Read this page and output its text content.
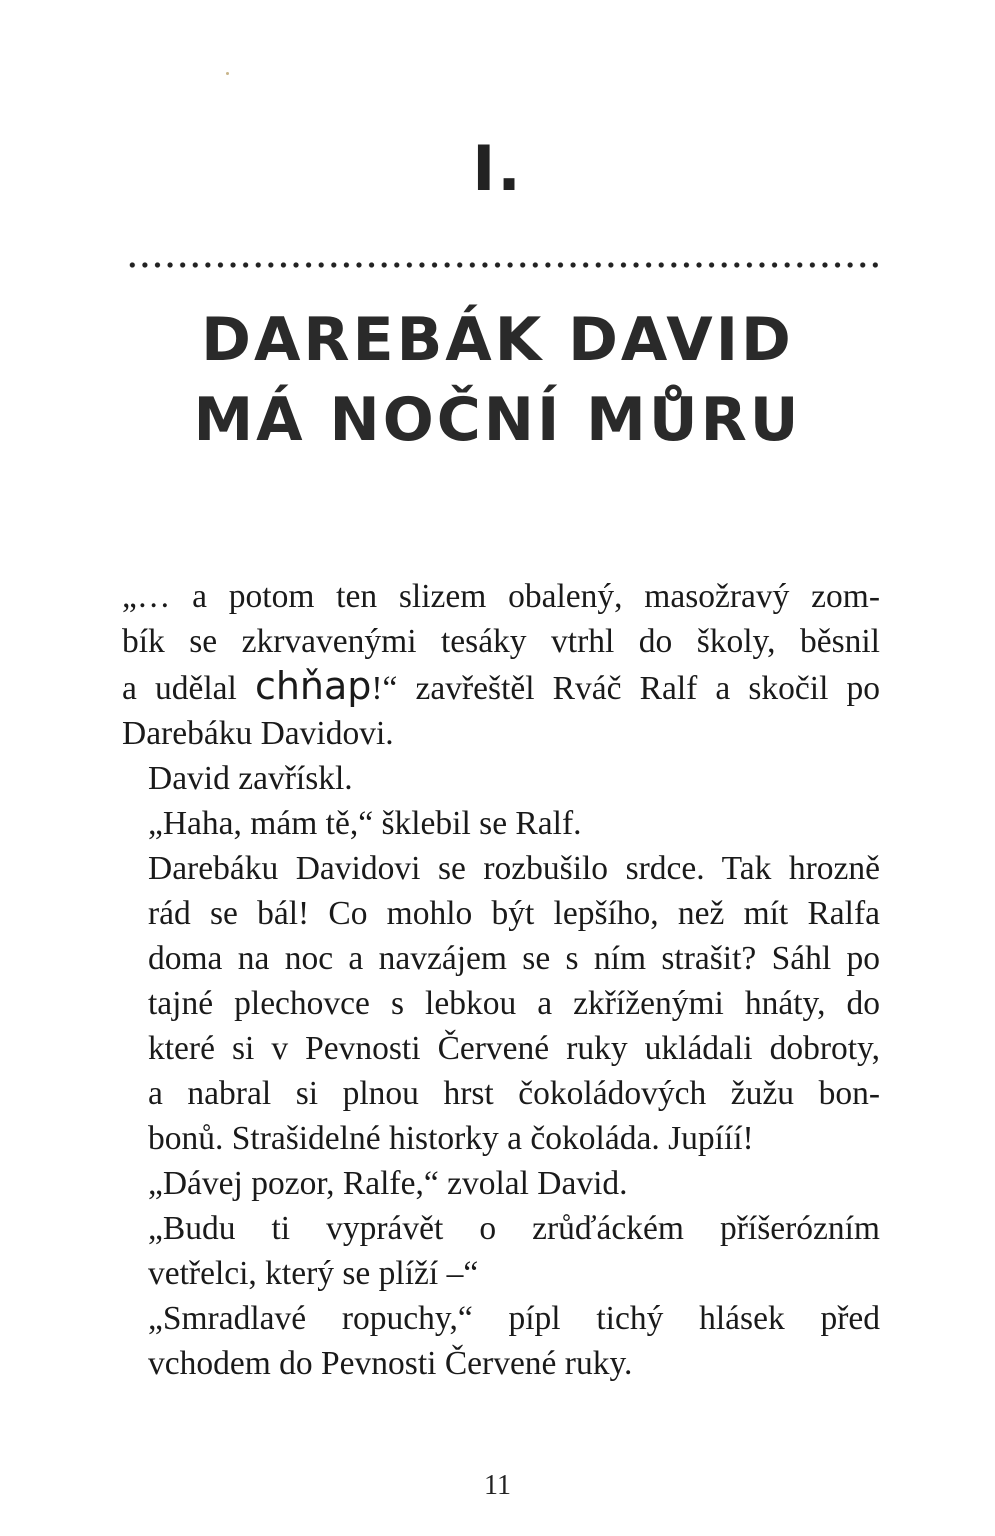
I.
DAREBÁK DAVID
MÁ NOČNÍ MŮRU

„… a potom ten slizem obalený, masožravý zom-
bík se zkrvavenými tesáky vtrhl do školy, běsnil
a udělal chňap!“ zavřeštěl Rváč Ralf a skočil po
Darebáku Davidovi.

David zavřískl.

„Haha, mám tě,“ šklebil se Ralf.

Darebáku Davidovi se rozbušilo srdce. Tak hrozně
rád se bál! Co mohlo být lepšího, než mít Ralfa
doma na noc a navzájem se s ním strašit? Sáhl po
tajné plechovce s lebkou a zkříženými hnáty, do
které si v Pevnosti Červené ruky ukládali dobroty,
a nabral si plnou hrst čokoládových žužu bon-
bonů. Strašidelné historky a čokoláda. Jupííí!

„Dávej pozor, Ralfe,“ zvolal David.

„Budu ti vyprávět o zrůďáckém příšerózním
vetřelci, který se plíží –“

„Smradlavé ropuchy,“ pípl tichý hlásek před
vchodem do Pevnosti Červené ruky.

11
